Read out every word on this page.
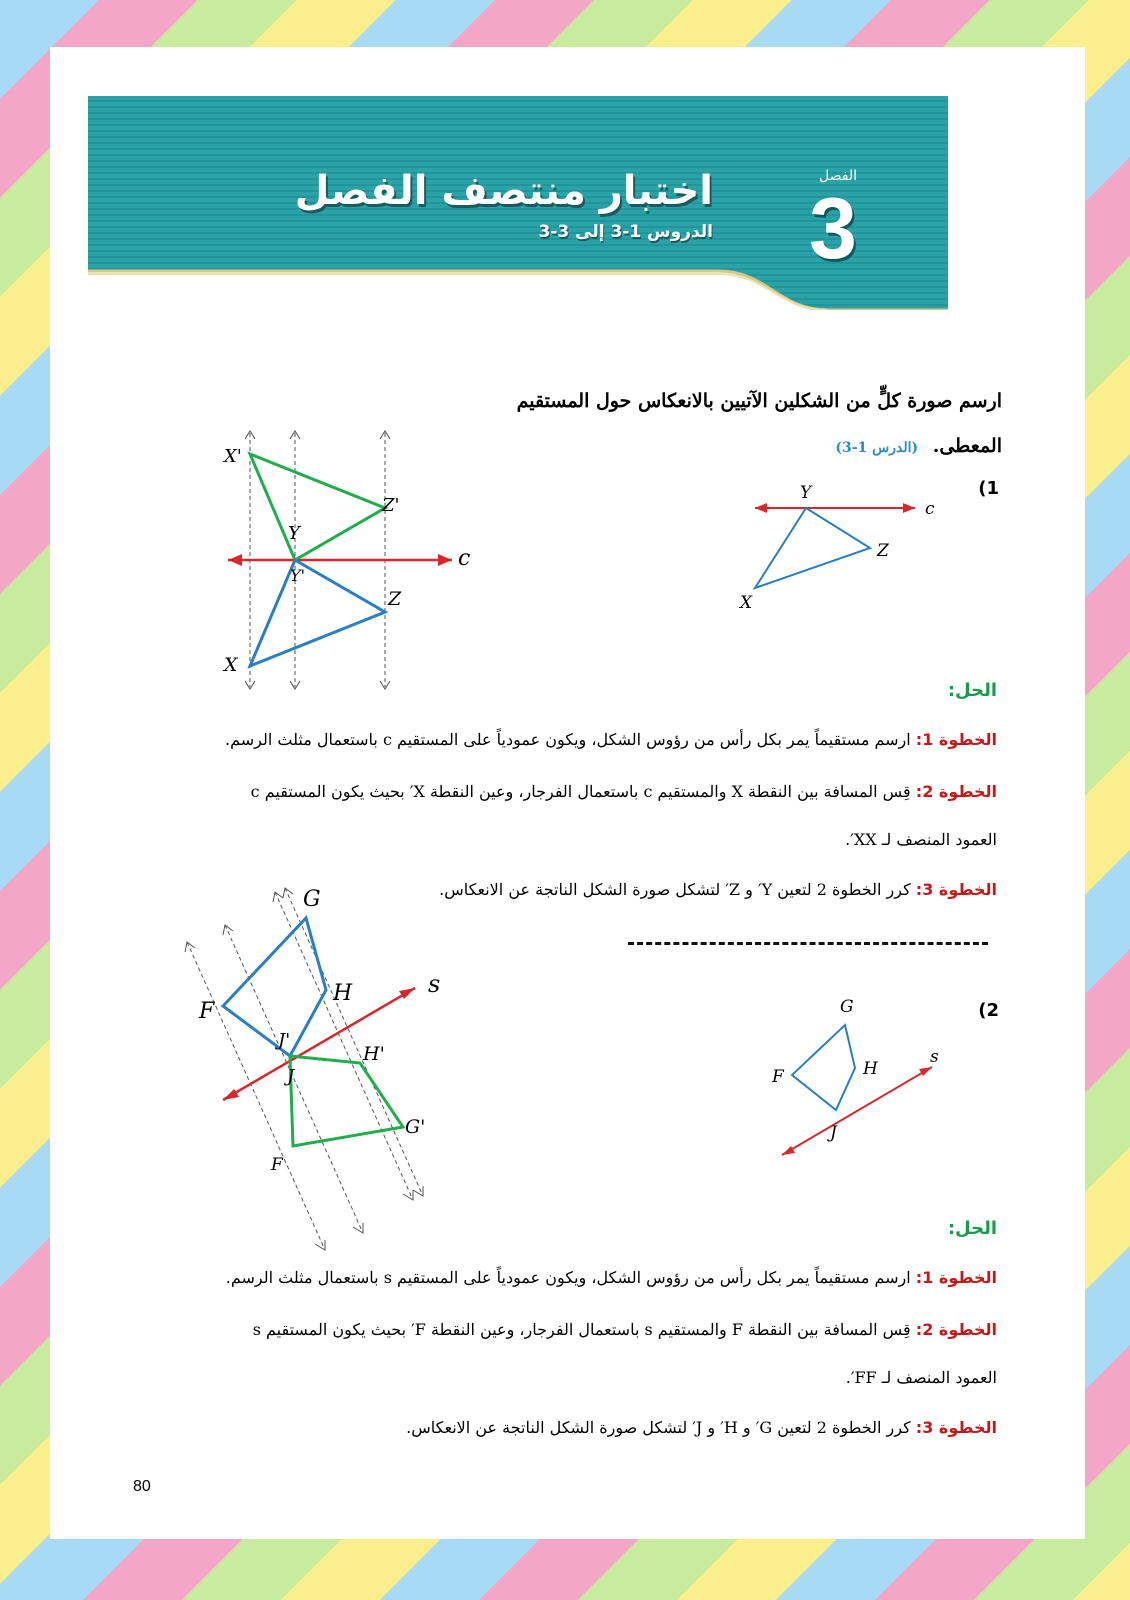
الفصل
3
اختبار منتصف الفصل
الدروس 1-3 إلى 3-3
ارسم صورة كلٍّ من الشكلين الآتيين بالانعكاس حول المستقيم
المعطى. (الدرس 1-3)
(1
Y
Z
X
c
X'
Z'
Y
Y'
Z
X
c
الحل:
الخطوة 1: ارسم مستقيماً يمر بكل رأس من رؤوس الشكل، ويكون عمودياً على المستقيم c باستعمال مثلث الرسم.
الخطوة 2: قِس المسافة بين النقطة X والمستقيم c باستعمال الفرجار، وعين النقطة X′ بحيث يكون المستقيم c
العمود المنصف لـ XX′.
الخطوة 3: كرر الخطوة 2 لتعين Y′ و Z′ لتشكل صورة الشكل الناتجة عن الانعكاس.
(2
G
H
F
J
s
G
H
F
J'
J
H'
G'
F
s
الحل:
الخطوة 1: ارسم مستقيماً يمر بكل رأس من رؤوس الشكل، ويكون عمودياً على المستقيم s باستعمال مثلث الرسم.
الخطوة 2: قِس المسافة بين النقطة F والمستقيم s باستعمال الفرجار، وعين النقطة F′ بحيث يكون المستقيم s
العمود المنصف لـ FF′.
الخطوة 3: كرر الخطوة 2 لتعين G′ و H′ و J′ لتشكل صورة الشكل الناتجة عن الانعكاس.
80
